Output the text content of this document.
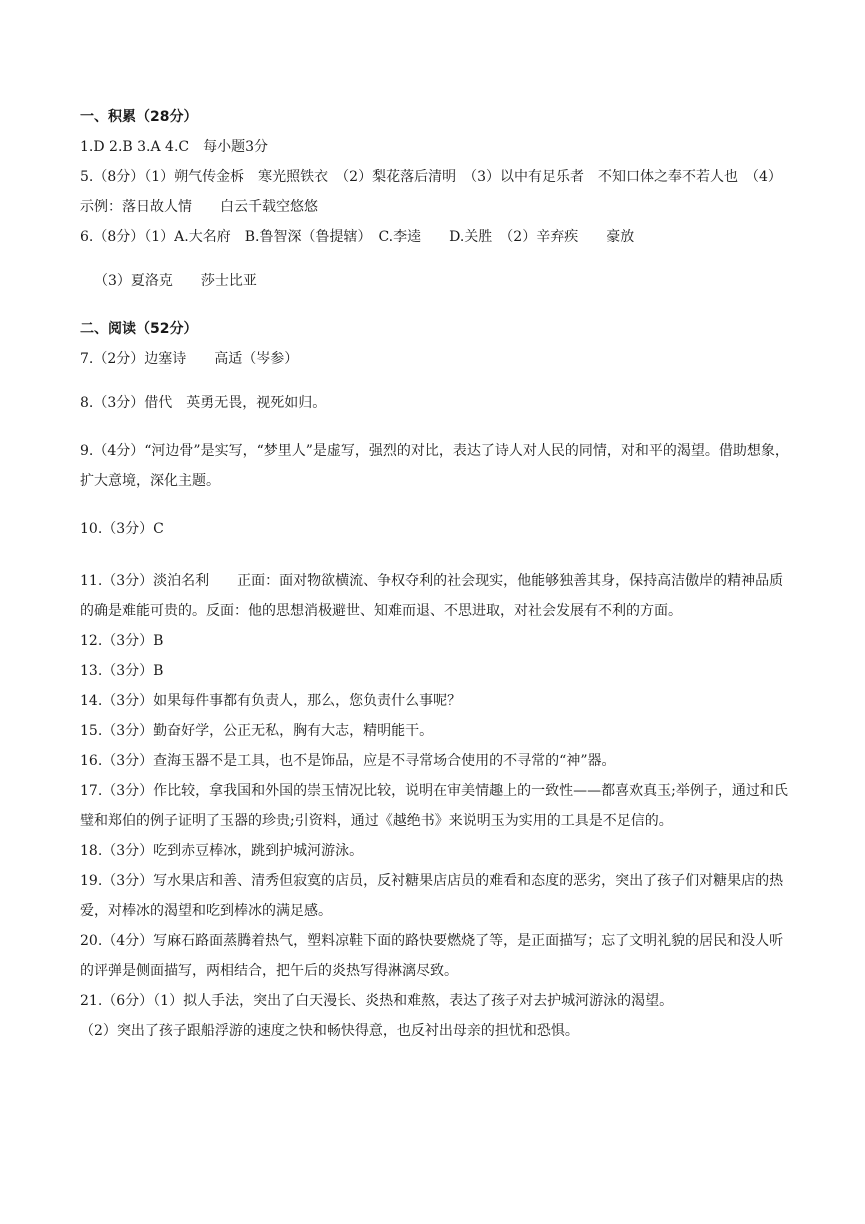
一、积累（28分）

1.D 2.B 3.A 4.C　每小题3分

5.（8分）（1）朔气传金柝　寒光照铁衣　（2）梨花落后清明　（3）以中有足乐者　不知口体之奉不若人也　（4）示例：落日故人情　　白云千载空悠悠

6.（8分）（1）A.大名府　B.鲁智深（鲁提辖）　C.李逵　　D.关胜　（2）辛弃疾　　豪放

（3）夏洛克　　莎士比亚

二、阅读（52分）

7.（2分）边塞诗　　高适（岑参）

8.（3分）借代　英勇无畏，视死如归。

9.（4分）“河边骨”是实写，“梦里人”是虚写，强烈的对比，表达了诗人对人民的同情，对和平的渴望。借助想象，扩大意境，深化主题。

10.（3分）C

11.（3分）淡泊名利　　正面：面对物欲横流、争权夺利的社会现实，他能够独善其身，保持高洁傲岸的精神品质的确是难能可贵的。反面：他的思想消极避世、知难而退、不思进取，对社会发展有不利的方面。

12.（3分）B

13.（3分）B

14.（3分）如果每件事都有负责人，那么，您负责什么事呢？

15.（3分）勤奋好学，公正无私，胸有大志，精明能干。

16.（3分）查海玉器不是工具，也不是饰品，应是不寻常场合使用的不寻常的“神”器。

17.（3分）作比较，拿我国和外国的崇玉情况比较，说明在审美情趣上的一致性——都喜欢真玉;举例子，通过和氏璧和郑伯的例子证明了玉器的珍贵;引资料，通过《越绝书》来说明玉为实用的工具是不足信的。

18.（3分）吃到赤豆棒冰，跳到护城河游泳。

19.（3分）写水果店和善、清秀但寂寞的店员，反衬糖果店店员的难看和态度的恶劣，突出了孩子们对糖果店的热爱，对棒冰的渴望和吃到棒冰的满足感。

20.（4分）写麻石路面蒸腾着热气，塑料凉鞋下面的路快要燃烧了等，是正面描写；忘了文明礼貌的居民和没人听的评弹是侧面描写，两相结合，把午后的炎热写得淋漓尽致。

21.（6分）（1）拟人手法，突出了白天漫长、炎热和难熬，表达了孩子对去护城河游泳的渴望。

（2）突出了孩子跟船浮游的速度之快和畅快得意，也反衬出母亲的担忧和恐惧。
